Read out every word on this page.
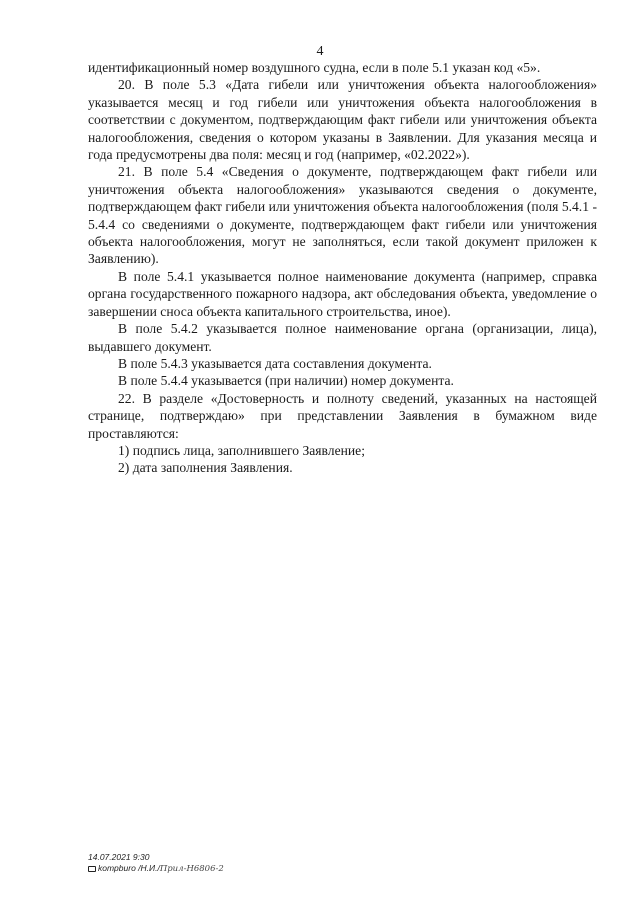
4

идентификационный номер воздушного судна, если в поле 5.1 указан код «5».

20. В поле 5.3 «Дата гибели или уничтожения объекта налогообложения» указывается месяц и год гибели или уничтожения объекта налогообложения в соответствии с документом, подтверждающим факт гибели или уничтожения объекта налогообложения, сведения о котором указаны в Заявлении. Для указания месяца и года предусмотрены два поля: месяц и год (например, «02.2022»).

21. В поле 5.4 «Сведения о документе, подтверждающем факт гибели или уничтожения объекта налогообложения» указываются сведения о документе, подтверждающем факт гибели или уничтожения объекта налогообложения (поля 5.4.1 - 5.4.4 со сведениями о документе, подтверждающем факт гибели или уничтожения объекта налогообложения, могут не заполняться, если такой документ приложен к Заявлению).

В поле 5.4.1 указывается полное наименование документа (например, справка органа государственного пожарного надзора, акт обследования объекта, уведомление о завершении сноса объекта капитального строительства, иное).

В поле 5.4.2 указывается полное наименование органа (организации, лица), выдавшего документ.

В поле 5.4.3 указывается дата составления документа.

В поле 5.4.4 указывается (при наличии) номер документа.

22. В разделе «Достоверность и полноту сведений, указанных на настоящей странице, подтверждаю» при представлении Заявления в бумажном виде проставляются:

1) подпись лица, заполнившего Заявление;

2) дата заполнения Заявления.

14.07.2021 9:30
kompburo /Н.И./Прил-Н6806-2
